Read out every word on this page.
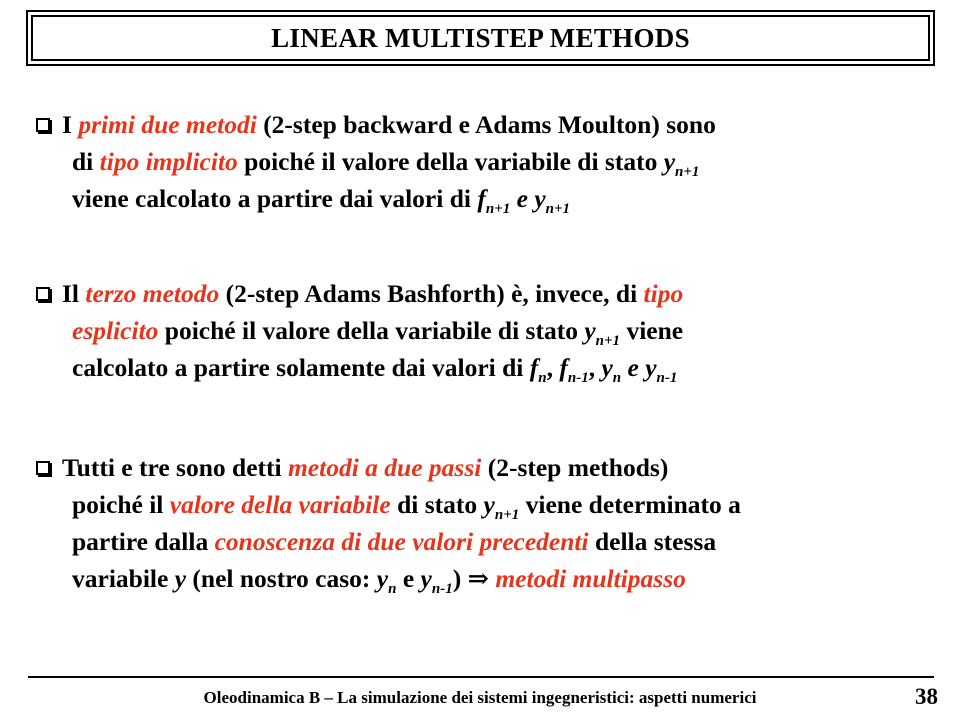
LINEAR MULTISTEP METHODS
I primi due metodi (2-step backward e Adams Moulton) sono
di tipo implicito poiché il valore della variabile di stato $y_{n+1}$
viene calcolato a partire dai valori di $f_{n+1}$ e $y_{n+1}$
Il terzo metodo (2-step Adams Bashforth) è, invece, di tipo
esplicito poiché il valore della variabile di stato $y_{n+1}$ viene
calcolato a partire solamente dai valori di $f_n$, $f_{n-1}$, $y_n$ e $y_{n-1}$
Tutti e tre sono detti metodi a due passi (2-step methods)
poiché il valore della variabile di stato $y_{n+1}$ viene determinato a
partire dalla conoscenza di due valori precedenti della stessa
variabile y (nel nostro caso: $y_n$ e $y_{n-1}$) ⇒ metodi multipasso
Oleodinamica B – La simulazione dei sistemi ingegneristici: aspetti numerici	38
